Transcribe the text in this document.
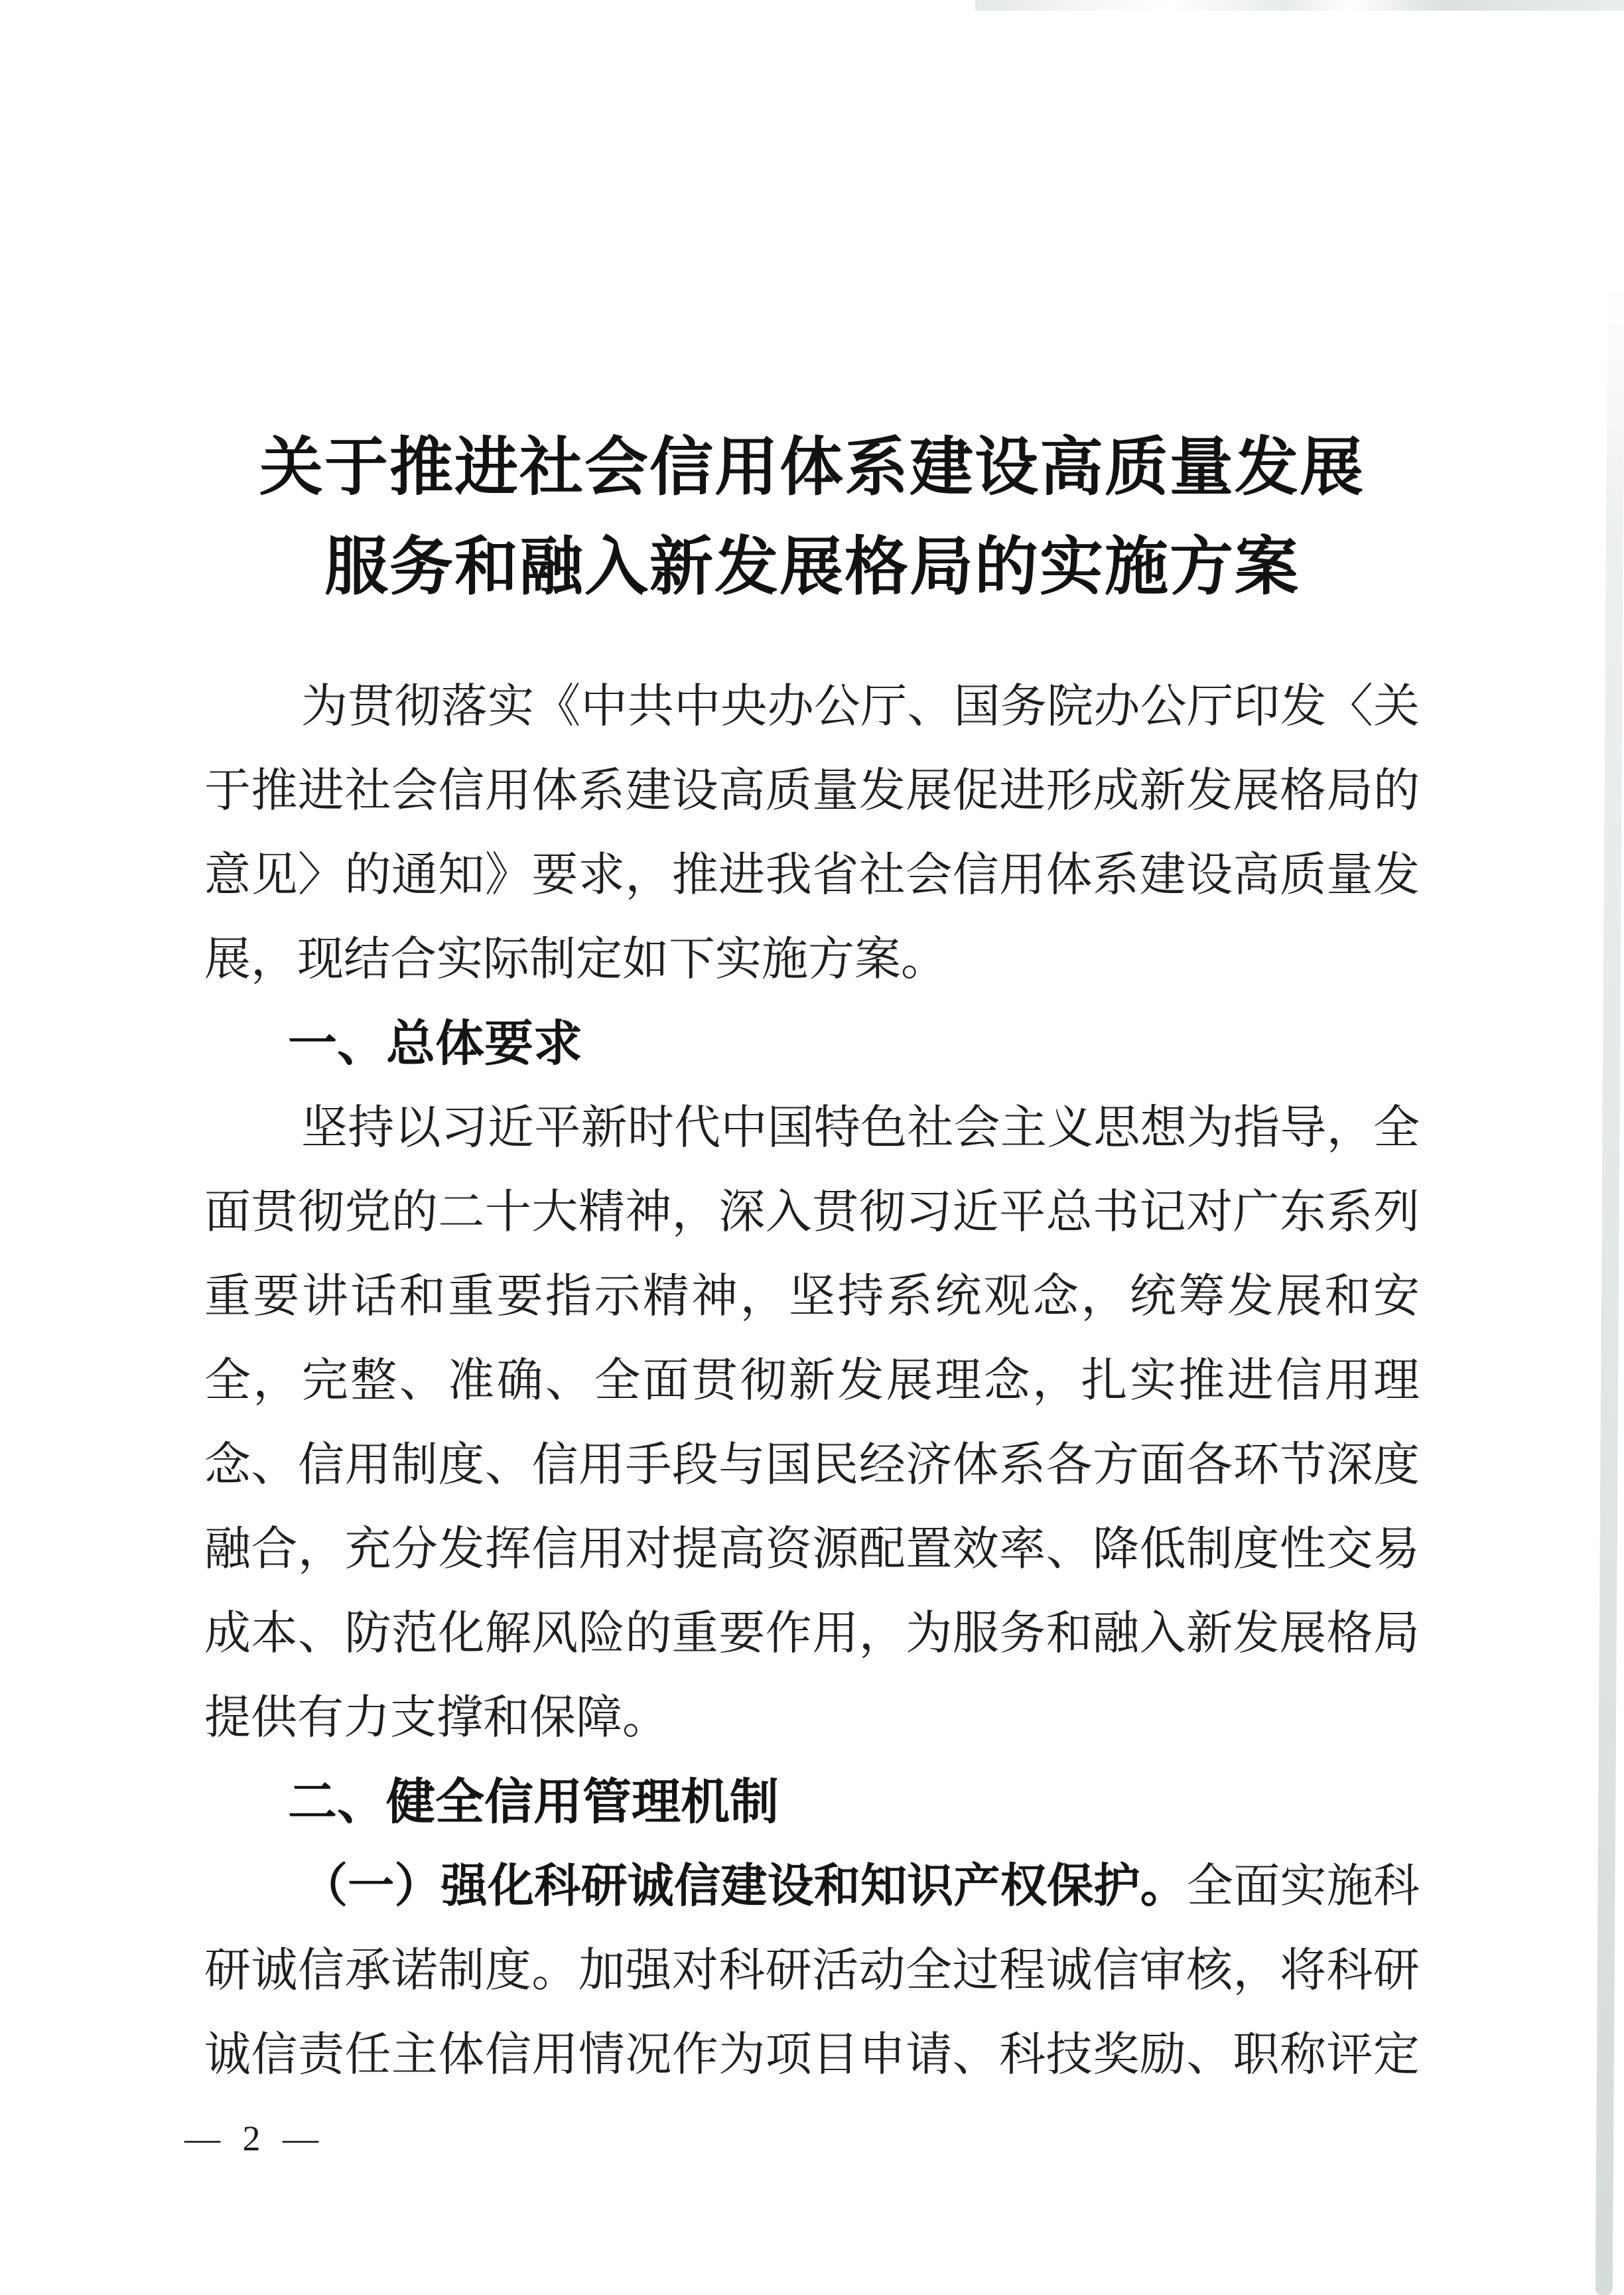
关于推进社会信用体系建设高质量发展
服务和融入新发展格局的实施方案
为贯彻落实《中共中央办公厅、国务院办公厅印发〈关
于推进社会信用体系建设高质量发展促进形成新发展格局的
意见〉的通知》要求，推进我省社会信用体系建设高质量发
展，现结合实际制定如下实施方案。
一、总体要求
坚持以习近平新时代中国特色社会主义思想为指导，全
面贯彻党的二十大精神，深入贯彻习近平总书记对广东系列
重要讲话和重要指示精神，坚持系统观念，统筹发展和安
全，完整、准确、全面贯彻新发展理念，扎实推进信用理
念、信用制度、信用手段与国民经济体系各方面各环节深度
融合，充分发挥信用对提高资源配置效率、降低制度性交易
成本、防范化解风险的重要作用，为服务和融入新发展格局
提供有力支撑和保障。
二、健全信用管理机制
（一）强化科研诚信建设和知识产权保护。全面实施科
研诚信承诺制度。加强对科研活动全过程诚信审核，将科研
诚信责任主体信用情况作为项目申请、科技奖励、职称评定
— 2 —
